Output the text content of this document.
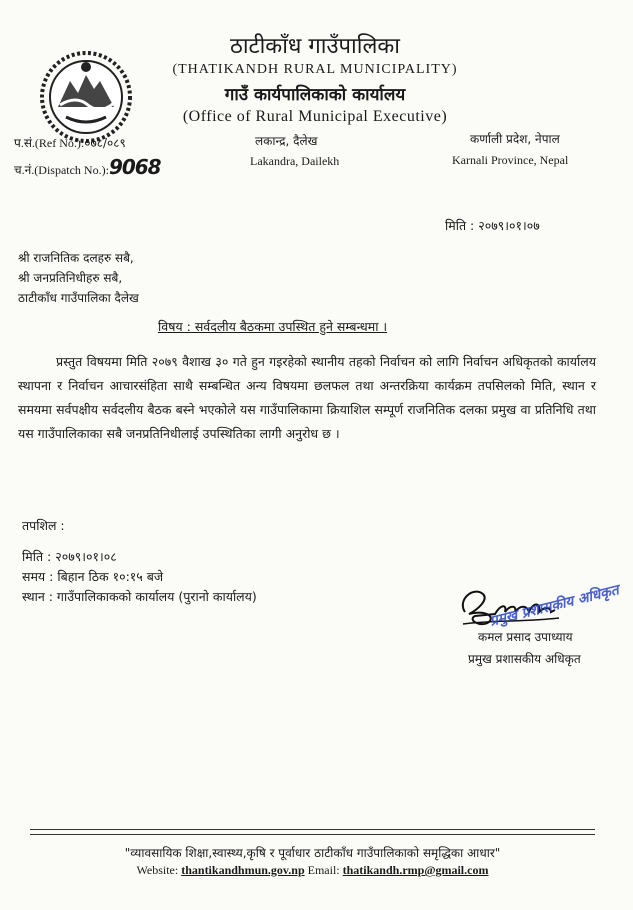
ठाटीकाँध गाउँपालिका
(THATIKANDH RURAL MUNICIPALITY)
गाउँ कार्यपालिकाको कार्यालय
(Office of Rural Municipal Executive)
प.सं.(Ref No.):०७८/०८९
च.नं.(Dispatch No.):9068
लकान्द्र, दैलेख
Lakandra, Dailekh
कर्णाली प्रदेश, नेपाल
Karnali Province, Nepal
मिति : २०७९।०१।०७
श्री राजनितिक दलहरु सबै,
श्री जनप्रतिनिधीहरु सबै,
ठाटीकाँध गाउँपालिका दैलेख
विषय : सर्वदलीय बैठकमा उपस्थित हुने सम्बन्धमा ।
प्रस्तुत विषयमा मिति २०७९ वैशाख ३० गते हुन गइरहेको स्थानीय तहको निर्वाचन को लागि निर्वाचन अधिकृतको कार्यालय स्थापना र निर्वाचन आचारसंहिता साथै सम्बन्धित अन्य विषयमा छलफल तथा अन्तरक्रिया कार्यक्रम तपसिलको मिति, स्थान र समयमा सर्वपक्षीय सर्वदलीय बैठक बस्ने भएकोले यस गाउँपालिकामा क्रियाशिल सम्पूर्ण राजनितिक दलका प्रमुख वा प्रतिनिधि तथा यस गाउँपालिकाका सबै जनप्रतिनिधीलाई उपस्थितिका लागी अनुरोध छ ।
तपशिल :
मिति : २०७९।०१।०८
समय : बिहान ठिक १०:१५ बजे
स्थान : गाउँपालिकाकको कार्यालय (पुरानो कार्यालय)
कमल प्रसाद उपाध्याय
प्रमुख प्रशासकीय अधिकृत
प्रमुख प्रशासकीय अधिकृत
"व्यावसायिक शिक्षा,स्वास्थ्य,कृषि र पूर्वाधार ठाटीकाँध गाउँपालिकाको समृद्धिका आधार"
Website: thantikandhmun.gov.np Email: thatikandh.rmp@gmail.com
